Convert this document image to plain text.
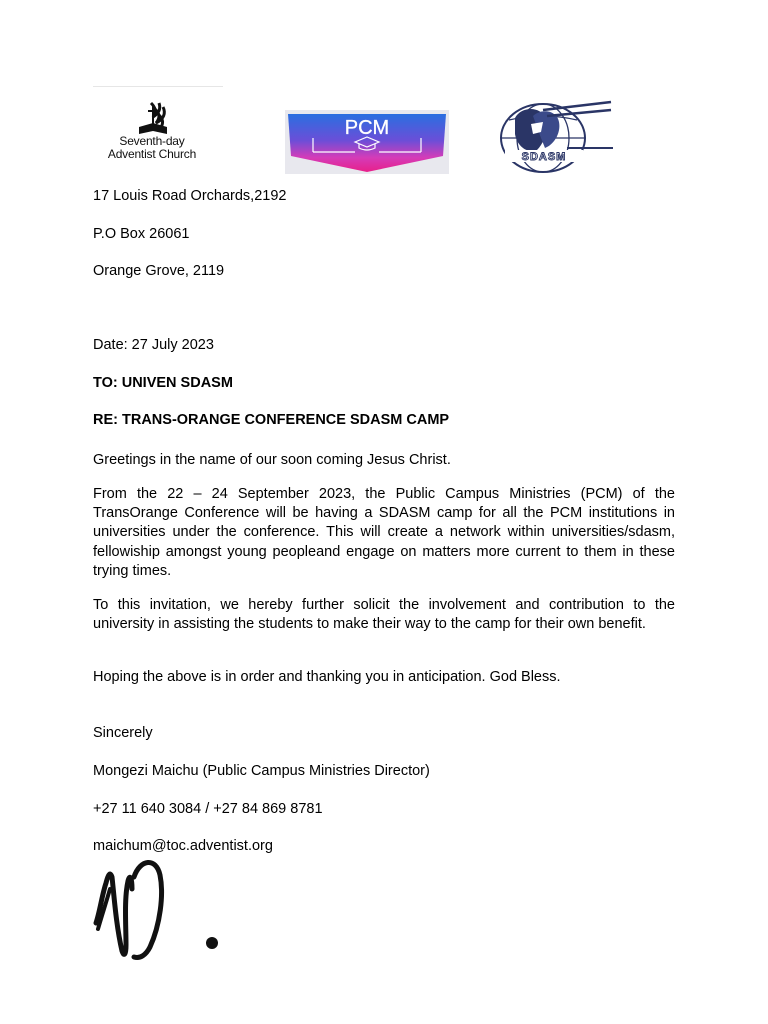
Seventh-day
Adventist Church
PCM
SDASM
17 Louis Road Orchards,2192
P.O Box 26061
Orange Grove, 2119
Date: 27 July 2023
TO: UNIVEN SDASM
RE: TRANS-ORANGE CONFERENCE SDASM CAMP
Greetings in the name of our soon coming Jesus Christ.
From the 22 – 24 September 2023, the Public Campus Ministries (PCM) of the TransOrange Conference will be having a SDASM camp for all the PCM institutions in universities under the conference. This will create a network within universities/sdasm, fellowiship amongst young peopleand engage on matters more current to them in these trying times.
To this invitation, we hereby further solicit the involvement and contribution to the university in assisting the students to make their way to the camp for their own benefit.
Hoping the above is in order and thanking you in anticipation. God Bless.
Sincerely
Mongezi Maichu (Public Campus Ministries Director)
+27 11 640 3084 / +27 84 869 8781
maichum@toc.adventist.org
